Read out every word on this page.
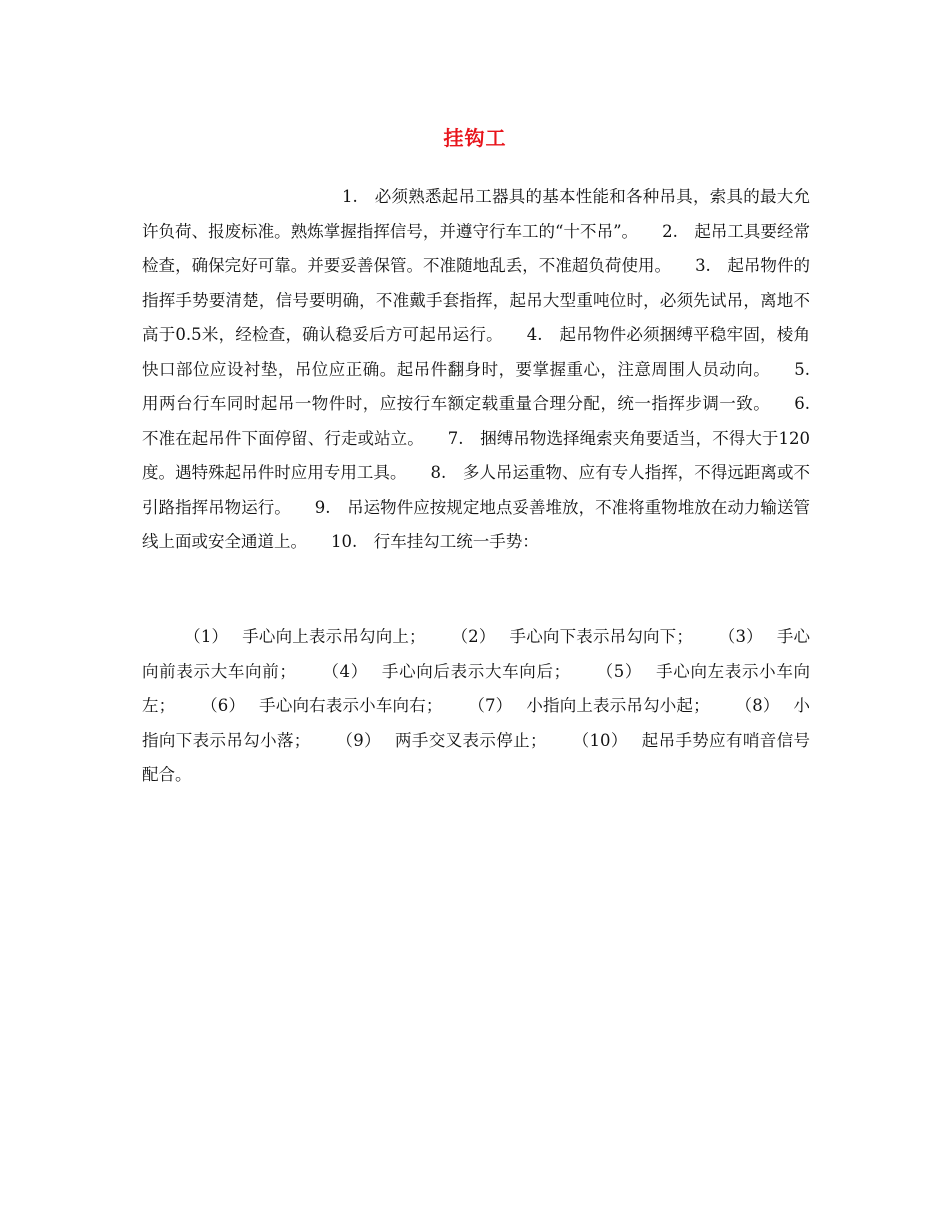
挂钩工
1.　必须熟悉起吊工器具的基本性能和各种吊具，索具的最大允许负荷、报废标准。熟炼掌握指挥信号，并遵守行车工的“十不吊”。 2.　起吊工具要经常检查，确保完好可靠。并要妥善保管。不准随地乱丢，不准超负荷使用。 3.　起吊物件的指挥手势要清楚，信号要明确，不准戴手套指挥，起吊大型重吨位时，必须先试吊，离地不高于0.5米，经检查，确认稳妥后方可起吊运行。 4.　起吊物件必须捆缚平稳牢固，棱角快口部位应设衬垫，吊位应正确。起吊件翻身时，要掌握重心，注意周围人员动向。 5.　用两台行车同时起吊一物件时，应按行车额定载重量合理分配，统一指挥步调一致。 6.　不准在起吊件下面停留、行走或站立。 7.　捆缚吊物选择绳索夹角要适当，不得大于120度。遇特殊起吊件时应用专用工具。 8.　多人吊运重物、应有专人指挥，不得远距离或不引路指挥吊物运行。 9.　吊运物件应按规定地点妥善堆放，不准将重物堆放在动力输送管线上面或安全通道上。 10.　行车挂勾工统一手势：
（1） 手心向上表示吊勾向上； （2） 手心向下表示吊勾向下； （3） 手心向前表示大车向前； （4） 手心向后表示大车向后； （5） 手心向左表示小车向左； （6） 手心向右表示小车向右； （7） 小指向上表示吊勾小起； （8） 小指向下表示吊勾小落； （9） 两手交叉表示停止； （10） 起吊手势应有哨音信号配合。
